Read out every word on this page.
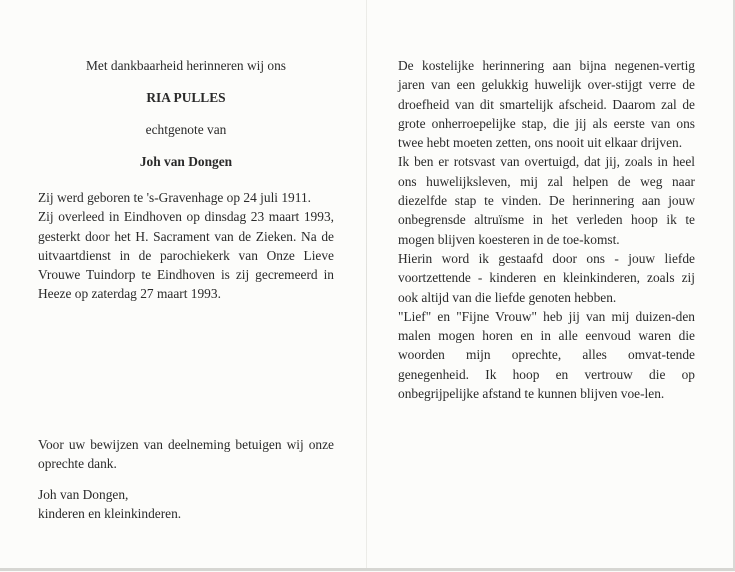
Met dankbaarheid herinneren wij ons

RIA PULLES

echtgenote van

Joh van Dongen

Zij werd geboren te 's-Gravenhage op 24 juli 1911.

Zij overleed in Eindhoven op dinsdag 23 maart 1993, gesterkt door het H. Sacrament van de Zieken. Na de uitvaartdienst in de parochiekerk van Onze Lieve Vrouwe Tuindorp te Eindhoven is zij gecremeerd in Heeze op zaterdag 27 maart 1993.

Voor uw bewijzen van deelneming betuigen wij onze oprechte dank.

Joh van Dongen,

kinderen en kleinkinderen.

De kostelijke herinnering aan bijna negenen-vertig jaren van een gelukkig huwelijk over-stijgt verre de droefheid van dit smartelijk afscheid. Daarom zal de grote onherroepelijke stap, die jij als eerste van ons twee hebt moeten zetten, ons nooit uit elkaar drijven.

Ik ben er rotsvast van overtuigd, dat jij, zoals in heel ons huwelijksleven, mij zal helpen de weg naar diezelfde stap te vinden. De herinnering aan jouw onbegrensde altruïsme in het verleden hoop ik te mogen blijven koesteren in de toe-komst.

Hierin word ik gestaafd door ons - jouw liefde voortzettende - kinderen en kleinkinderen, zoals zij ook altijd van die liefde genoten hebben.

"Lief" en "Fijne Vrouw" heb jij van mij duizen-den malen mogen horen en in alle eenvoud waren die woorden mijn oprechte, alles omvat-tende genegenheid. Ik hoop en vertrouw die op onbegrijpelijke afstand te kunnen blijven voe-len.
